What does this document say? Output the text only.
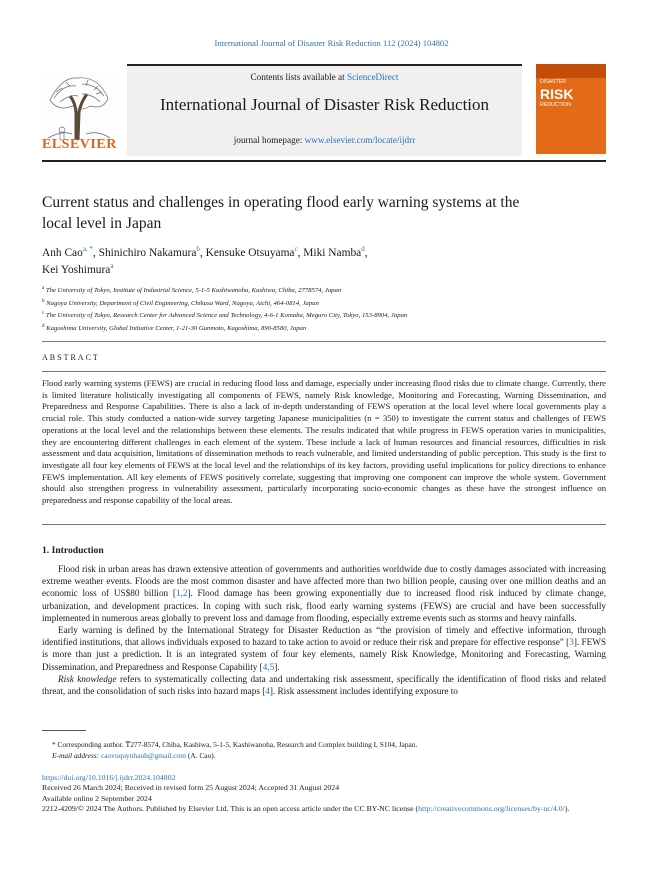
International Journal of Disaster Risk Reduction 112 (2024) 104802
ELSEVIER
Contents lists available at ScienceDirect
International Journal of Disaster Risk Reduction
journal homepage: www.elsevier.com/locate/ijdrr
DISASTER
RISK
REDUCTION
Current status and challenges in operating flood early warning systems at the local level in Japan
Anh Cao$^{a, *}$, Shinichiro Nakamura$^b$, Kensuke Otsuyama$^c$, Miki Namba$^d$,
Kei Yoshimura$^a$
$^a$ The University of Tokyo, Institute of Industrial Science, 5-1-5 Kashiwanoha, Kashiwa, Chiba, 2778574, Japan
$^b$ Nagoya University, Department of Civil Engineering, Chikusa Ward, Nagoya, Aichi, 464-0814, Japan
$^c$ The University of Tokyo, Research Center for Advanced Science and Technology, 4-6-1 Komaba, Meguro City, Tokyo, 153-8904, Japan
$^d$ Kagoshima University, Global Initiative Center, 1-21-30 Gunmoto, Kagoshima, 890-8580, Japan
ABSTRACT
Flood early warning systems (FEWS) are crucial in reducing flood loss and damage, especially under increasing flood risks due to climate change. Currently, there is limited literature holistically investigating all components of FEWS, namely Risk knowledge, Monitoring and Forecasting, Warning Dissemination, and Preparedness and Response Capabilities. There is also a lack of in-depth understanding of FEWS operation at the local level where local governments play a crucial role. This study conducted a nation-wide survey targeting Japanese municipalities (n = 350) to investigate the current status and challenges of FEWS operations at the local level and the relationships between these elements. The results indicated that while progress in FEWS operation varies in municipalities, they are encountering different challenges in each element of the system. These include a lack of human resources and financial resources, difficulties in risk assessment and data acquisition, limitations of dissemination methods to reach vulnerable, and limited understanding of public perception. This study is the first to investigate all four key elements of FEWS at the local level and the relationships of its key factors, providing useful implications for policy directions to enhance FEWS implementation. All key elements of FEWS positively correlate, suggesting that improving one component can improve the whole system. Government should also strengthen progress in vulnerability assessment, particularly incorporating socio-economic changes as these have the strongest influence on preparedness and response capability of the local areas.
1. Introduction

Flood risk in urban areas has drawn extensive attention of governments and authorities worldwide due to costly damages associated with increasing extreme weather events. Floods are the most common disaster and have affected more than two billion people, causing over one million deaths and an economic loss of US$80 billion [1,2]. Flood damage has been growing exponentially due to increased flood risk induced by climate change, urbanization, and development practices. In coping with such risk, flood early warning systems (FEWS) are crucial and have been successfully implemented in numerous areas globally to prevent loss and damage from flooding, especially extreme events such as storms and heavy rainfalls.

Early warning is defined by the International Strategy for Disaster Reduction as “the provision of timely and effective information, through identified institutions, that allows individuals exposed to hazard to take action to avoid or reduce their risk and prepare for effective response” [3]. FEWS is more than just a prediction. It is an integrated system of four key elements, namely Risk Knowledge, Monitoring and Forecasting, Warning Dissemination, and Preparedness and Response Capability [4,5].

Risk knowledge refers to systematically collecting data and undertaking risk assessment, specifically the identification of flood risks and related threat, and the consolidation of such risks into hazard maps [4]. Risk assessment includes identifying exposure to

* Corresponding author. ₸277-8574, Chiba, Kashiwa, 5-1-5, Kashiwanoha, Research and Complex building I, S104, Japan.
E-mail address: caovuquynhanh@gmail.com (A. Cao).
https://doi.org/10.1016/j.ijdrr.2024.104802
Received 26 March 2024; Received in revised form 25 August 2024; Accepted 31 August 2024
Available online 2 September 2024
2212-4209/© 2024 The Authors. Published by Elsevier Ltd. This is an open access article under the CC BY-NC license (http://creativecommons.org/licenses/by-nc/4.0/).
